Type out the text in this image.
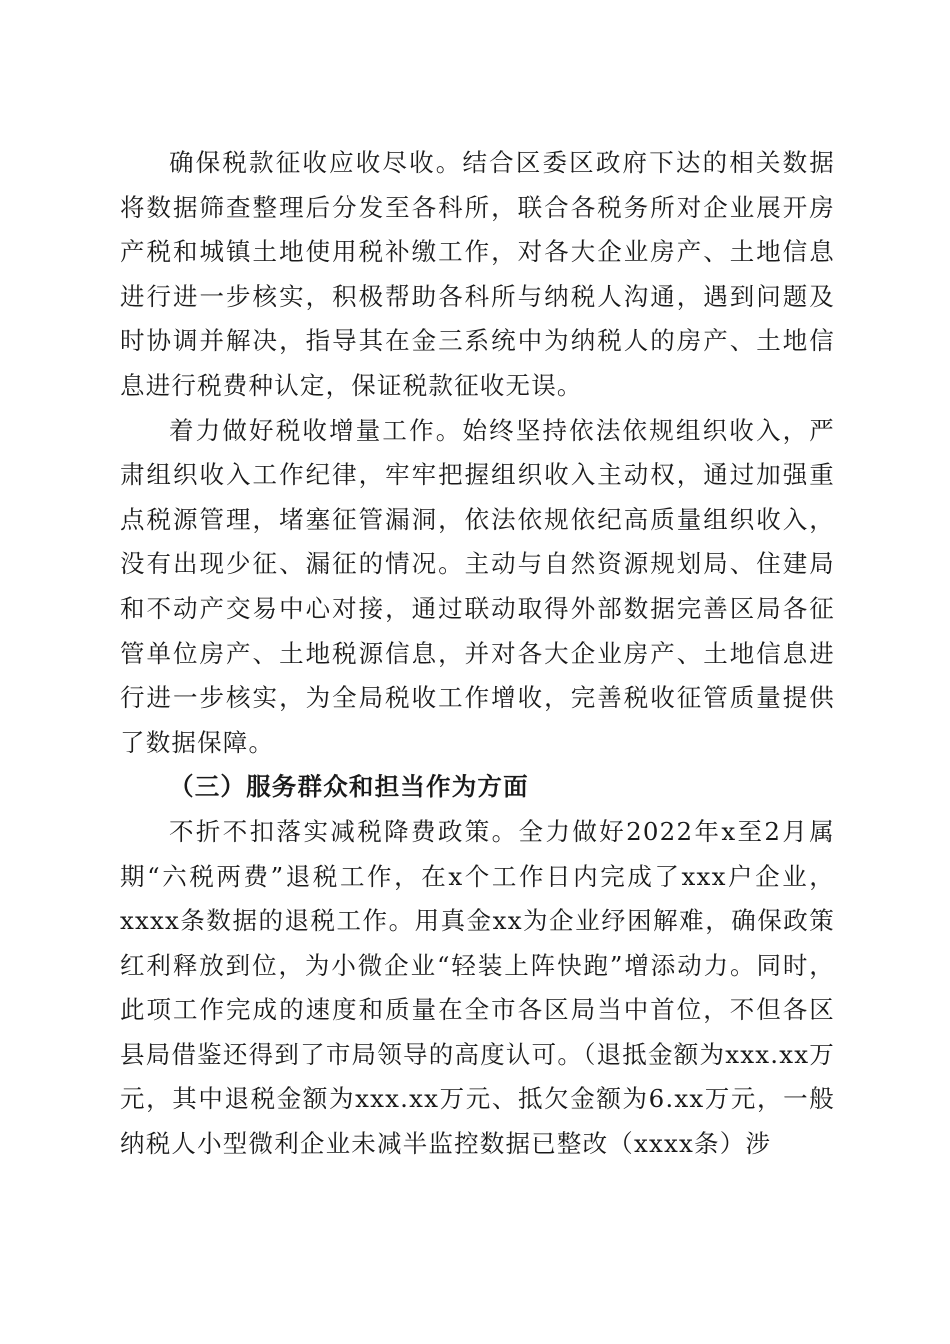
确保税款征收应收尽收。结合区委区政府下达的相关数据将数据筛查整理后分发至各科所，联合各税务所对企业展开房产税和城镇土地使用税补缴工作，对各大企业房产、土地信息进行进一步核实，积极帮助各科所与纳税人沟通，遇到问题及时协调并解决，指导其在金三系统中为纳税人的房产、土地信息进行税费种认定，保证税款征收无误。

着力做好税收增量工作。始终坚持依法依规组织收入，严肃组织收入工作纪律，牢牢把握组织收入主动权，通过加强重点税源管理，堵塞征管漏洞，依法依规依纪高质量组织收入，没有出现少征、漏征的情况。主动与自然资源规划局、住建局和不动产交易中心对接，通过联动取得外部数据完善区局各征管单位房产、土地税源信息，并对各大企业房产、土地信息进行进一步核实，为全局税收工作增收，完善税收征管质量提供了数据保障。

（三）服务群众和担当作为方面

不折不扣落实减税降费政策。全力做好2022年x至2月属期“六税两费”退税工作，在x个工作日内完成了xxx户企业，xxxx条数据的退税工作。用真金xx为企业纾困解难，确保政策红利释放到位，为小微企业“轻装上阵快跑”增添动力。同时，此项工作完成的速度和质量在全市各区局当中首位，不但各区县局借鉴还得到了市局领导的高度认可。（退抵金额为xxx.xx万元，其中退税金额为xxx.xx万元、抵欠金额为6.xx万元，一般纳税人小型微利企业未减半监控数据已整改（xxxx条）涉
